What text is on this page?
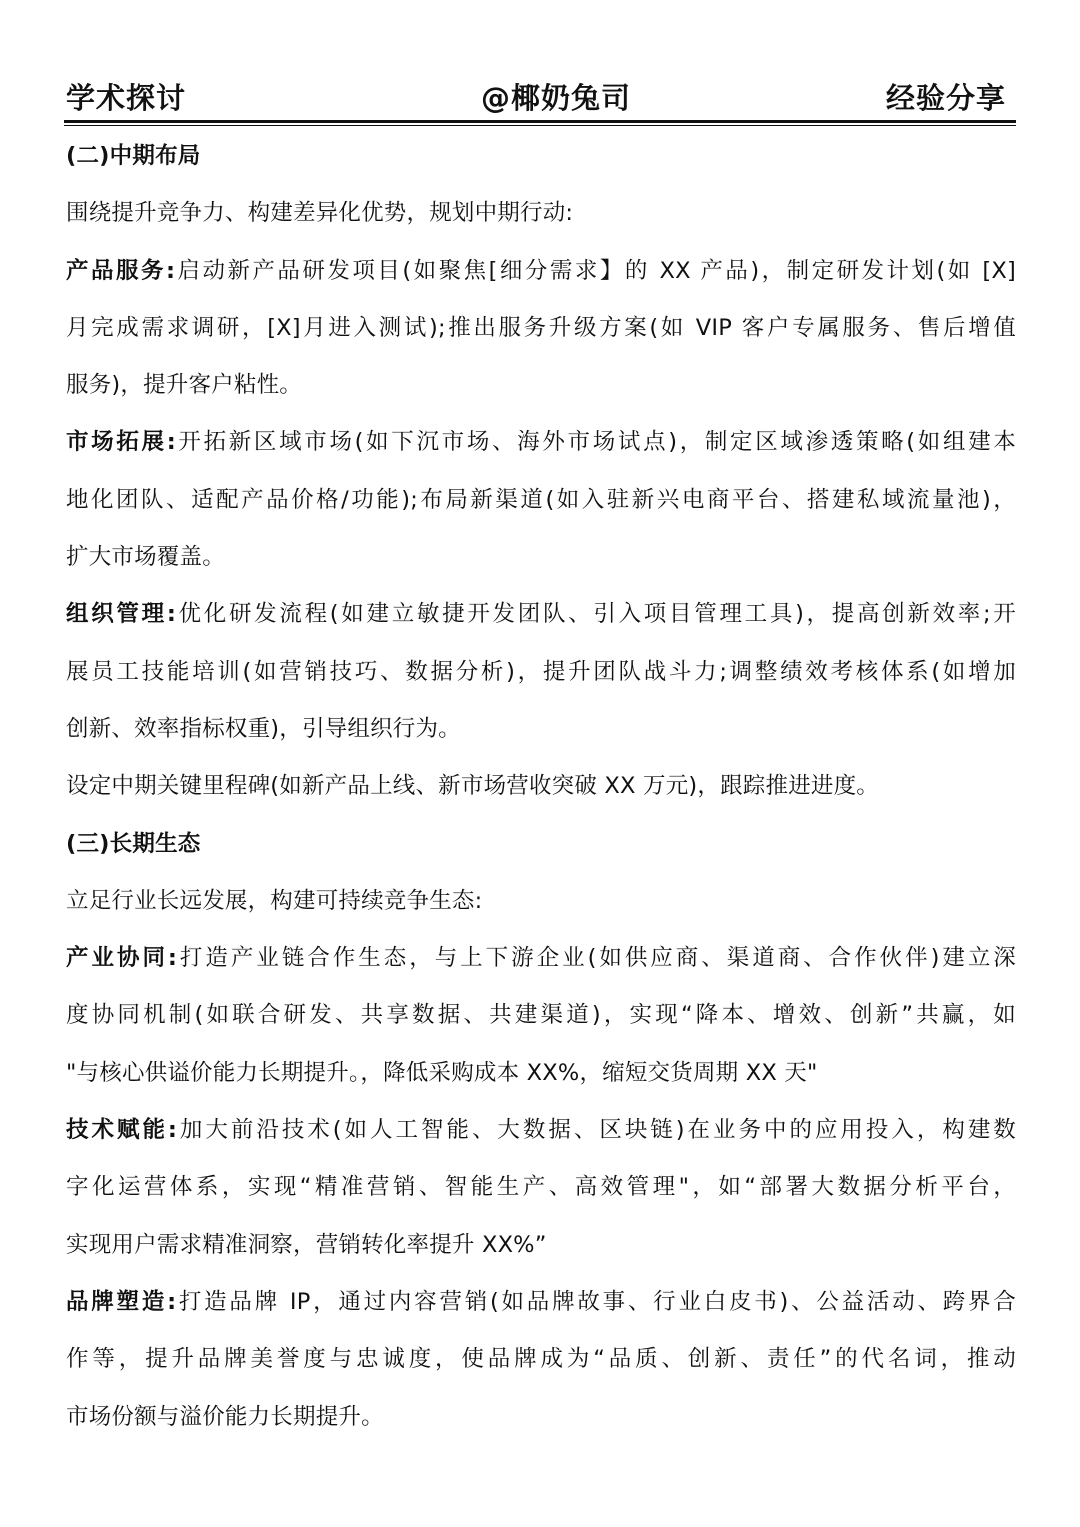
学术探讨	@椰奶兔司	经验分享
(二)中期布局
围绕提升竞争力、构建差异化优势，规划中期行动:
产品服务:启动新产品研发项目(如聚焦[细分需求】的 XX 产品)，制定研发计划(如 [X]
月完成需求调研，[X]月进入测试);推出服务升级方案(如 VIP 客户专属服务、售后增值
服务)，提升客户粘性。
市场拓展:开拓新区域市场(如下沉市场、海外市场试点)，制定区域渗透策略(如组建本
地化团队、适配产品价格/功能);布局新渠道(如入驻新兴电商平台、搭建私域流量池)，
扩大市场覆盖。
组织管理:优化研发流程(如建立敏捷开发团队、引入项目管理工具)，提高创新效率;开
展员工技能培训(如营销技巧、数据分析)，提升团队战斗力;调整绩效考核体系(如增加
创新、效率指标权重)，引导组织行为。
设定中期关键里程碑(如新产品上线、新市场营收突破 XX 万元)，跟踪推进进度。
(三)长期生态
立足行业长远发展，构建可持续竞争生态:
产业协同:打造产业链合作生态，与上下游企业(如供应商、渠道商、合作伙伴)建立深
度协同机制(如联合研发、共享数据、共建渠道)，实现“降本、增效、创新”共赢，如
"与核心供谥价能力长期提升。，降低采购成本 XX%，缩短交货周期 XX 天"
技术赋能:加大前沿技术(如人工智能、大数据、区块链)在业务中的应用投入，构建数
字化运营体系，实现“精准营销、智能生产、高效管理"，如“部署大数据分析平台，
实现用户需求精准洞察，营销转化率提升 XX%”
品牌塑造:打造品牌 IP，通过内容营销(如品牌故事、行业白皮书)、公益活动、跨界合
作等，提升品牌美誉度与忠诚度，使品牌成为“品质、创新、责任”的代名词，推动
市场份额与溢价能力长期提升。
